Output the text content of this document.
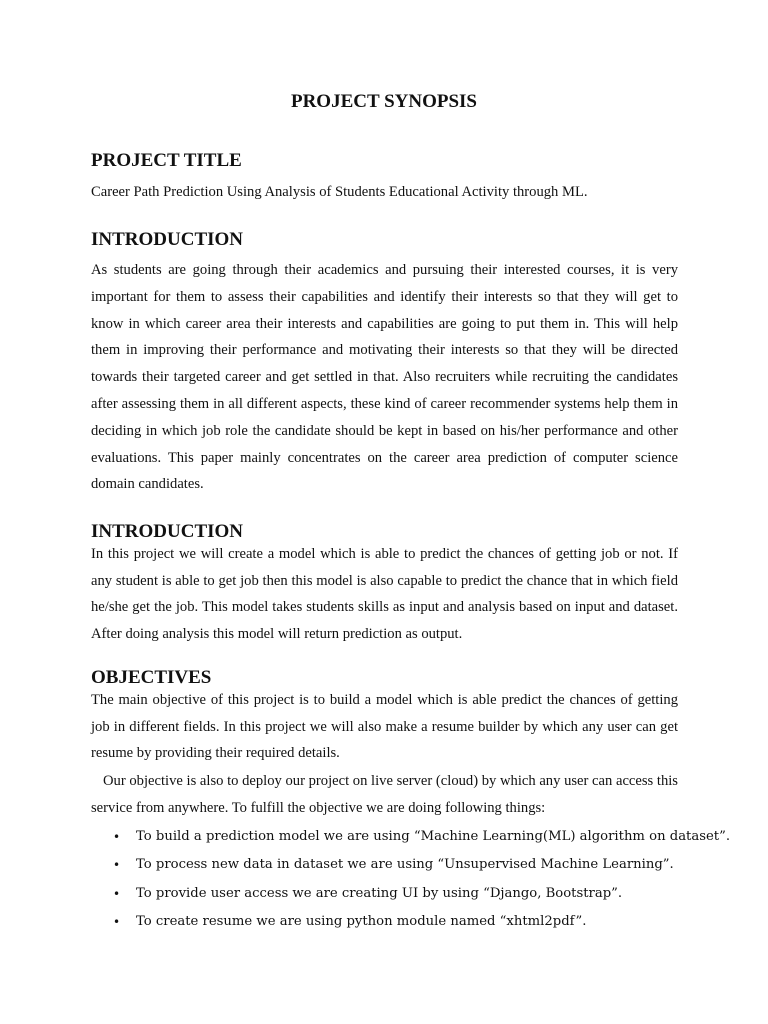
PROJECT SYNOPSIS
PROJECT TITLE

Career Path Prediction Using Analysis of Students Educational Activity through ML.

INTRODUCTION

As students are going through their academics and pursuing their interested courses, it is very important for them to assess their capabilities and identify their interests so that they will get to know in which career area their interests and capabilities are going to put them in. This will help them in improving their performance and motivating their interests so that they will be directed towards their targeted career and get settled in that. Also recruiters while recruiting the candidates after assessing them in all different aspects, these kind of career recommender systems help them in deciding in which job role the candidate should be kept in based on his/her performance and other evaluations. This paper mainly concentrates on the career area prediction of computer science domain candidates.

INTRODUCTION

In this project we will create a model which is able to predict the chances of getting job or not. If any student is able to get job then this model is also capable to predict the chance that in which field he/she get the job. This model takes students skills as input and analysis based on input and dataset. After doing analysis this model will return prediction as output.

OBJECTIVES

The main objective of this project is to build a model which is able predict the chances of getting job in different fields. In this project we will also make a resume builder by which any user can get resume by providing their required details.

Our objective is also to deploy our project on live server (cloud) by which any user can access this service from anywhere. To fulfill the objective we are doing following things:

• To build a prediction model we are using “Machine Learning(ML) algorithm on dataset”.
• To process new data in dataset we are using “Unsupervised Machine Learning”.
• To provide user access we are creating UI by using “Django, Bootstrap”.
• To create resume we are using python module named “xhtml2pdf”.
